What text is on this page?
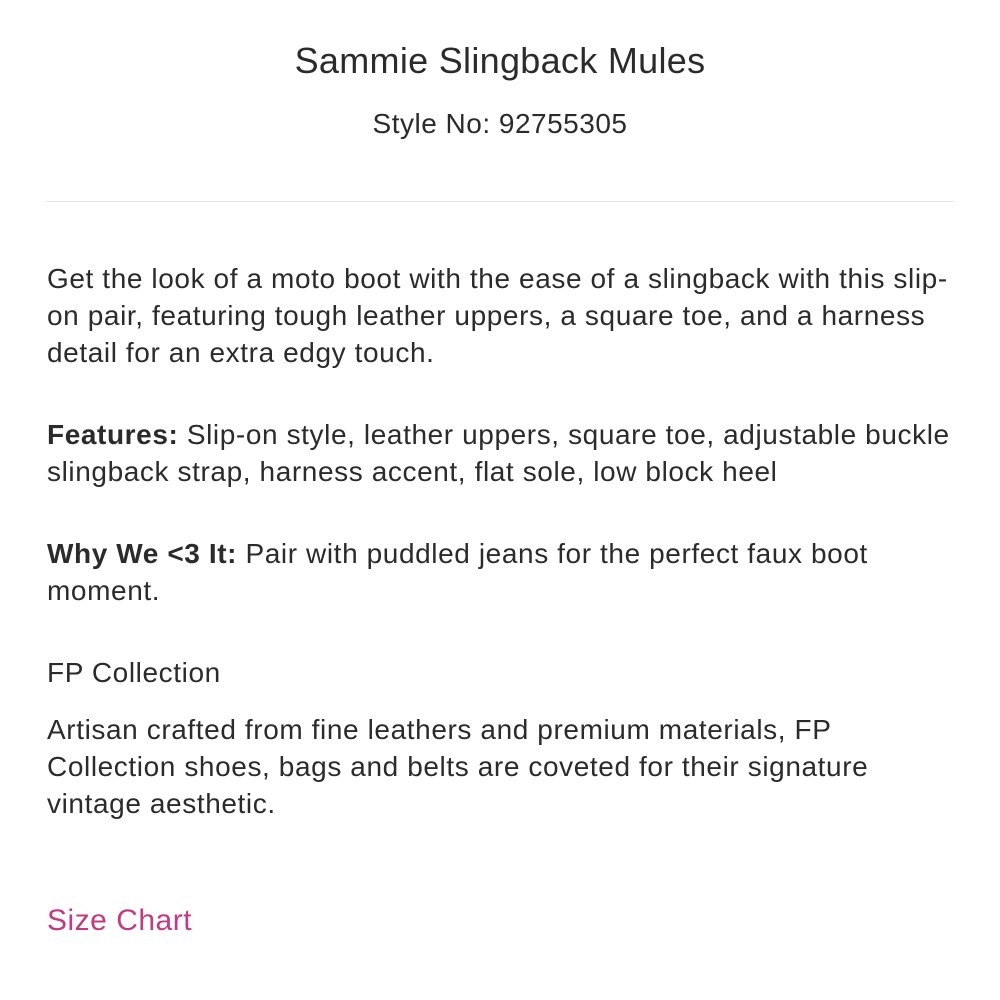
Sammie Slingback Mules
Style No: 92755305

Get the look of a moto boot with the ease of a slingback with this slip-on pair, featuring tough leather uppers, a square toe, and a harness detail for an extra edgy touch.

Features: Slip-on style, leather uppers, square toe, adjustable buckle slingback strap, harness accent, flat sole, low block heel

Why We <3 It: Pair with puddled jeans for the perfect faux boot moment.

FP Collection

Artisan crafted from fine leathers and premium materials, FP Collection shoes, bags and belts are coveted for their signature vintage aesthetic.

Size Chart
